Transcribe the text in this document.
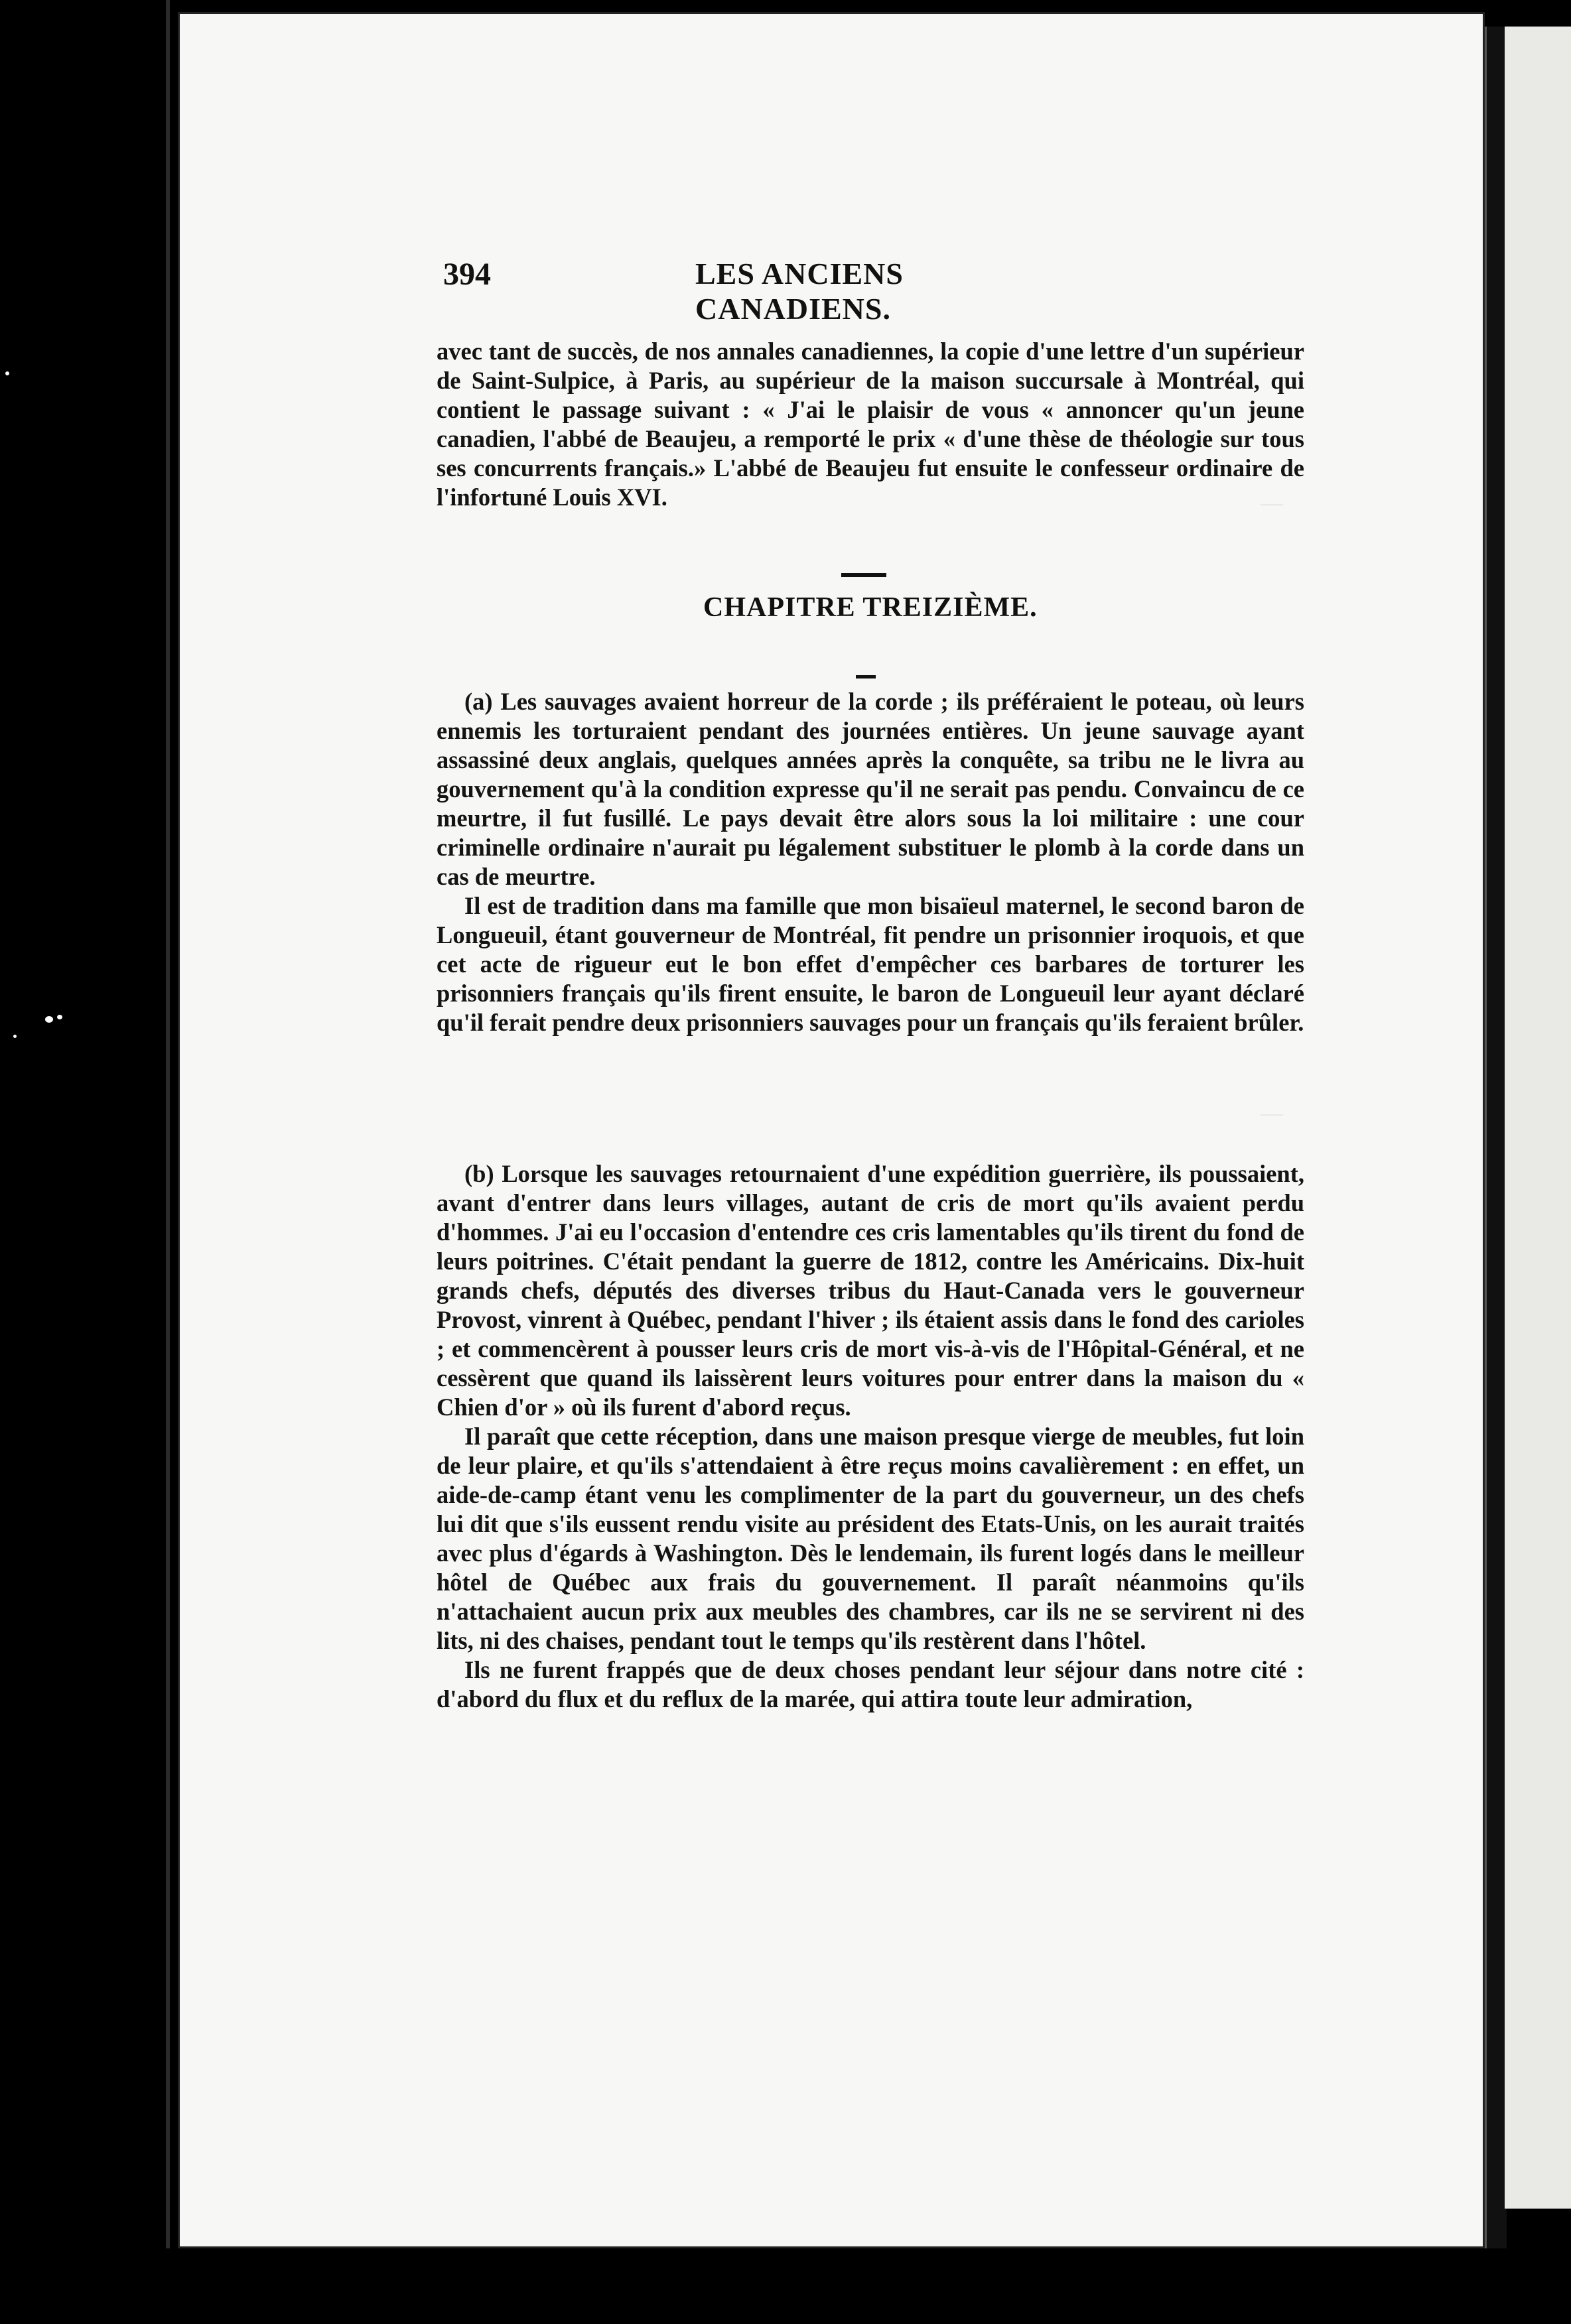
—
—
394	LES ANCIENS CANADIENS.

avec tant de succès, de nos annales canadiennes, la copie d'une lettre d'un supérieur de Saint-Sulpice, à Paris, au supérieur de la maison succursale à Montréal, qui contient le passage suivant : « J'ai le plaisir de vous « annoncer qu'un jeune canadien, l'abbé de Beaujeu, a remporté le prix « d'une thèse de théologie sur tous ses concurrents français.» L'abbé de Beaujeu fut ensuite le confesseur ordinaire de l'infortuné Louis XVI.

CHAPITRE TREIZIÈME.

(a) Les sauvages avaient horreur de la corde ; ils préféraient le poteau, où leurs ennemis les torturaient pendant des journées entières. Un jeune sauvage ayant assassiné deux anglais, quelques années après la conquête, sa tribu ne le livra au gouvernement qu'à la condition expresse qu'il ne serait pas pendu. Convaincu de ce meurtre, il fut fusillé. Le pays devait être alors sous la loi militaire : une cour criminelle ordinaire n'aurait pu légalement substituer le plomb à la corde dans un cas de meurtre.

Il est de tradition dans ma famille que mon bisaïeul maternel, le second baron de Longueuil, étant gouverneur de Montréal, fit pendre un prisonnier iroquois, et que cet acte de rigueur eut le bon effet d'empêcher ces barbares de torturer les prisonniers français qu'ils firent ensuite, le baron de Longueuil leur ayant déclaré qu'il ferait pendre deux prisonniers sauvages pour un français qu'ils feraient brûler.

(b) Lorsque les sauvages retournaient d'une expédition guerrière, ils poussaient, avant d'entrer dans leurs villages, autant de cris de mort qu'ils avaient perdu d'hommes. J'ai eu l'occasion d'entendre ces cris lamentables qu'ils tirent du fond de leurs poitrines. C'était pendant la guerre de 1812, contre les Américains. Dix-huit grands chefs, députés des diverses tribus du Haut-Canada vers le gouverneur Provost, vinrent à Québec, pendant l'hiver ; ils étaient assis dans le fond des carioles ; et commencèrent à pousser leurs cris de mort vis-à-vis de l'Hôpital-Général, et ne cessèrent que quand ils laissèrent leurs voitures pour entrer dans la maison du « Chien d'or » où ils furent d'abord reçus.

Il paraît que cette réception, dans une maison presque vierge de meubles, fut loin de leur plaire, et qu'ils s'attendaient à être reçus moins cavalièrement : en effet, un aide-de-camp étant venu les complimenter de la part du gouverneur, un des chefs lui dit que s'ils eussent rendu visite au président des Etats-Unis, on les aurait traités avec plus d'égards à Washington. Dès le lendemain, ils furent logés dans le meilleur hôtel de Québec aux frais du gouvernement. Il paraît néanmoins qu'ils n'attachaient aucun prix aux meubles des chambres, car ils ne se servirent ni des lits, ni des chaises, pendant tout le temps qu'ils restèrent dans l'hôtel.

Ils ne furent frappés que de deux choses pendant leur séjour dans notre cité : d'abord du flux et du reflux de la marée, qui attira toute leur admiration,
